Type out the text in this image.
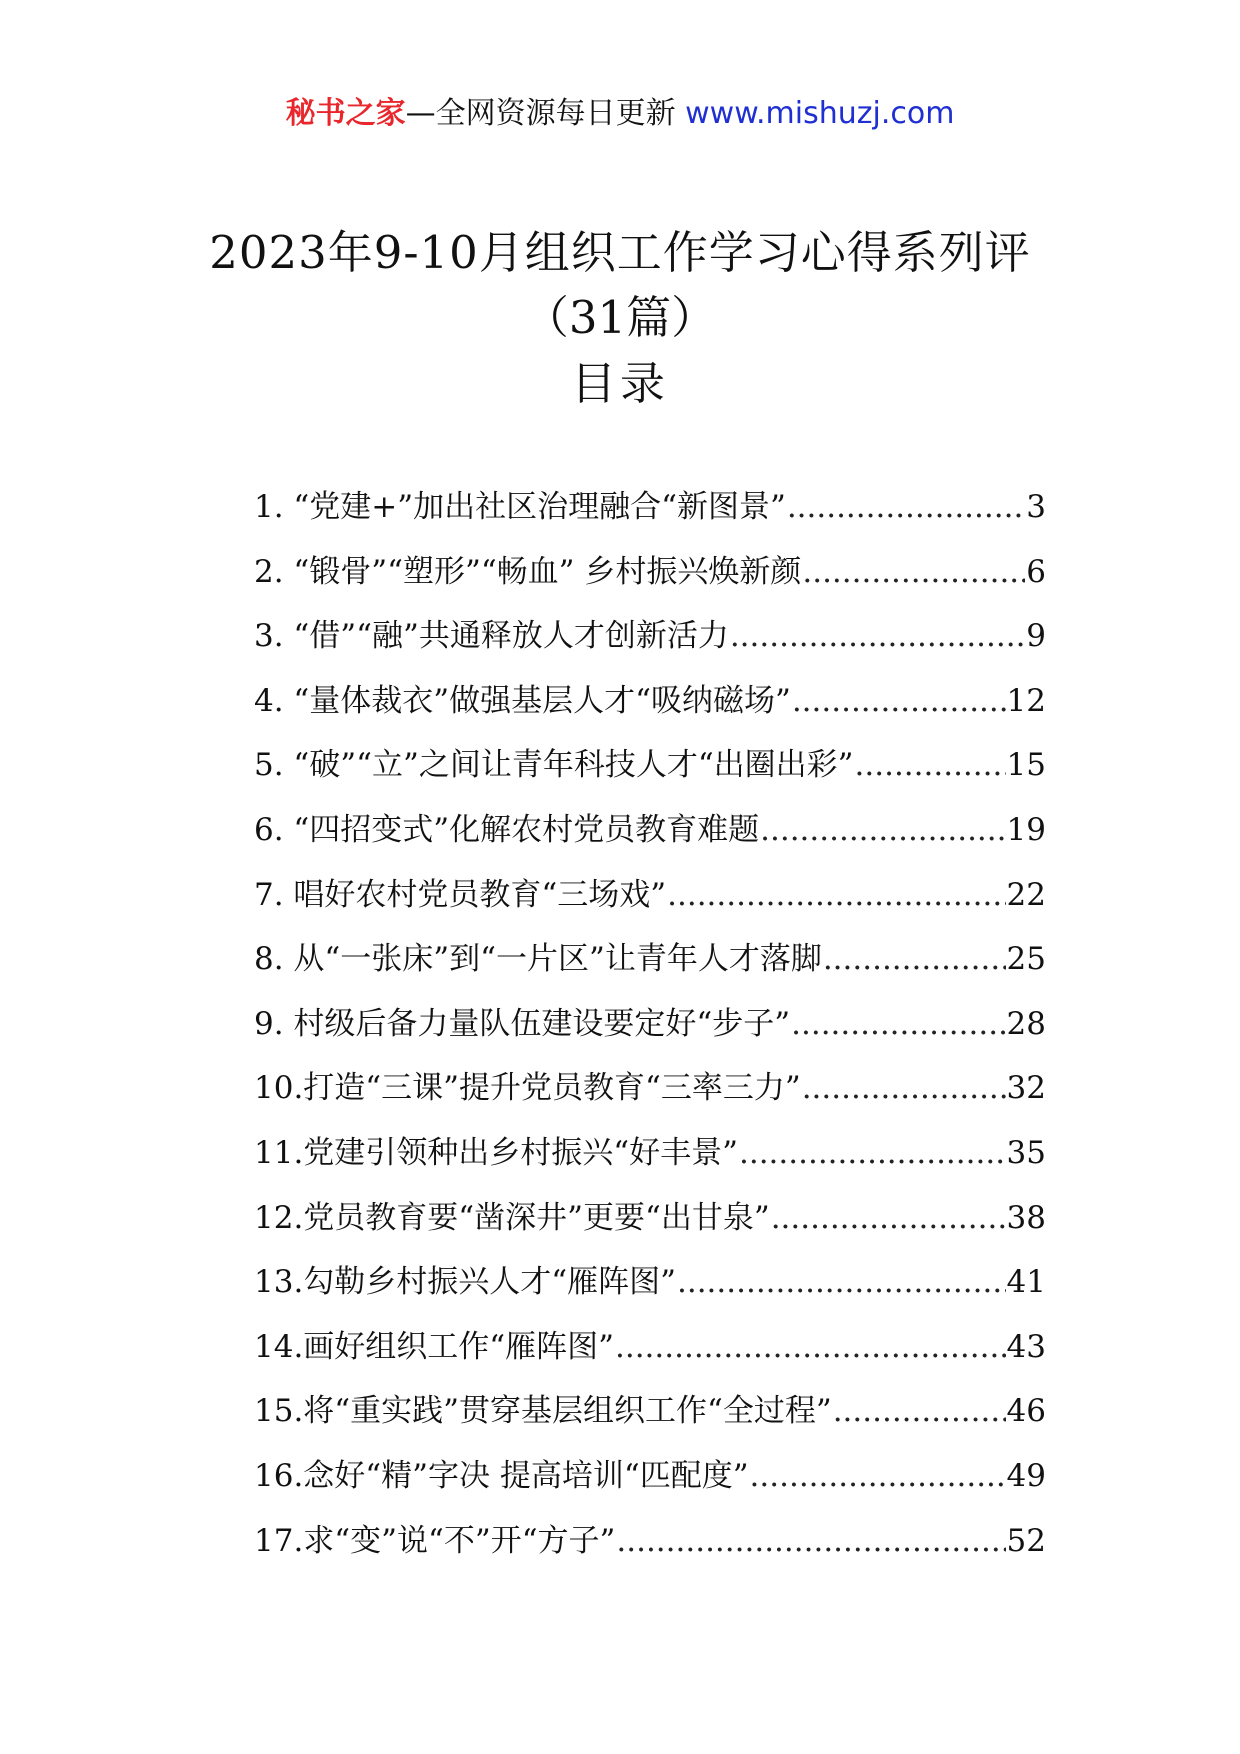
秘书之家—全网资源每日更新 www.mishuzj.com
2023年9-10月组织工作学习心得系列评
（31篇）
目录
1. “党建+”加出社区治理融合“新图景” .....	3
2. “锻骨”“塑形”“畅血” 乡村振兴焕新颜 .....	6
3. “借”“融”共通释放人才创新活力 .....	9
4. “量体裁衣”做强基层人才“吸纳磁场” .....	12
5. “破”“立”之间让青年科技人才“出圈出彩” .....	15
6. “四招变式”化解农村党员教育难题 .....	19
7. 唱好农村党员教育“三场戏” .....	22
8. 从“一张床”到“一片区”让青年人才落脚 .....	25
9. 村级后备力量队伍建设要定好“步子” .....	28
10.打造“三课”提升党员教育“三率三力” .....	32
11.党建引领种出乡村振兴“好丰景” .....	35
12.党员教育要“凿深井”更要“出甘泉” .....	38
13.勾勒乡村振兴人才“雁阵图” .....	41
14.画好组织工作“雁阵图” .....	43
15.将“重实践”贯穿基层组织工作“全过程” .....	46
16.念好“精”字决 提高培训“匹配度” .....	49
17.求“变”说“不”开“方子” .....	52
